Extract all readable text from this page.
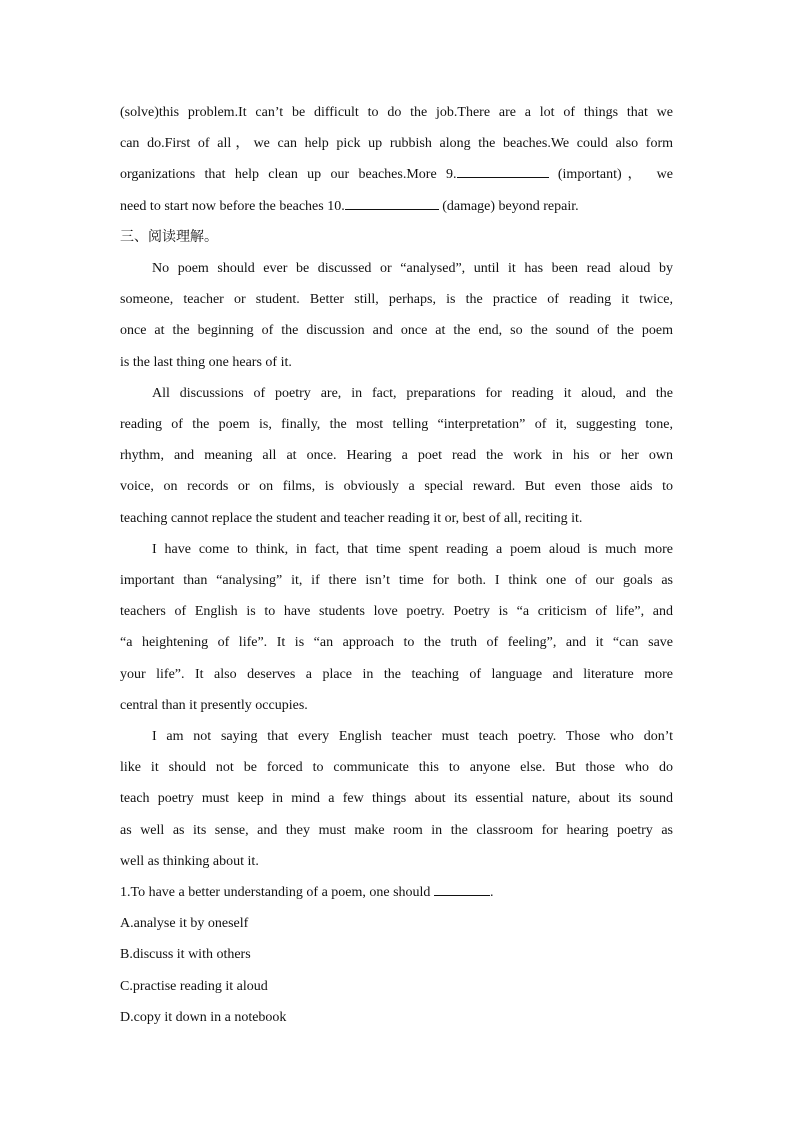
(solve)this problem.It can’t be difficult to do the job.There are a lot of things that we
can do.First of all，we can help pick up rubbish along the beaches.We could also form
organizations that help clean up our beaches.More 9.	(important)， we
need to start now before the beaches 10.	(damage) beyond repair.
三、阅读理解。
No poem should ever be discussed or “analysed”, until it has been read aloud by
someone, teacher or student. Better still, perhaps, is the practice of reading it twice,
once at the beginning of the discussion and once at the end, so the sound of the poem
is the last thing one hears of it.
All discussions of poetry are, in fact, preparations for reading it aloud, and the
reading of the poem is, finally, the most telling “interpretation” of it, suggesting tone,
rhythm, and meaning all at once. Hearing a poet read the work in his or her own
voice, on records or on films, is obviously a special reward. But even those aids to
teaching cannot replace the student and teacher reading it or, best of all, reciting it.
I have come to think, in fact, that time spent reading a poem aloud is much more
important than “analysing” it, if there isn’t time for both. I think one of our goals as
teachers of English is to have students love poetry. Poetry is “a criticism of life”, and
“a heightening of life”. It is “an approach to the truth of feeling”, and it “can save
your life”. It also deserves a place in the teaching of language and literature more
central than it presently occupies.
I am not saying that every English teacher must teach poetry. Those who don’t
like it should not be forced to communicate this to anyone else. But those who do
teach poetry must keep in mind a few things about its essential nature, about its sound
as well as its sense, and they must make room in the classroom for hearing poetry as
well as thinking about it.
1.To have a better understanding of a poem, one should	.
A.analyse it by oneself
B.discuss it with others
C.practise reading it aloud
D.copy it down in a notebook
